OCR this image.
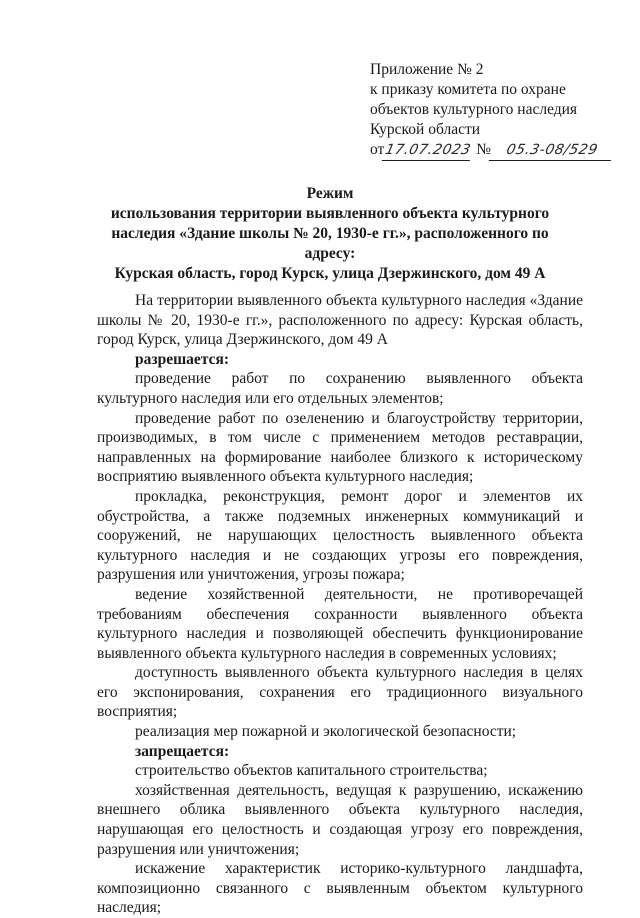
Приложение № 2
к приказу комитета по охране
объектов культурного наследия
Курской области
от17.07.2023 № 05.3-08/529
Режим
использования территории выявленного объекта культурного
наследия «Здание школы № 20, 1930-е гг.», расположенного по адресу:
Курская область, город Курск, улица Дзержинского, дом 49 А

На территории выявленного объекта культурного наследия «Здание школы № 20, 1930-е гг.», расположенного по адресу: Курская область, город Курск, улица Дзержинского, дом 49 А

разрешается:

проведение работ по сохранению выявленного объекта культурного наследия или его отдельных элементов;

проведение работ по озеленению и благоустройству территории, производимых, в том числе с применением методов реставрации, направленных на формирование наиболее близкого к историческому восприятию выявленного объекта культурного наследия;

прокладка, реконструкция, ремонт дорог и элементов их обустройства, а также подземных инженерных коммуникаций и сооружений, не нарушающих целостность выявленного объекта культурного наследия и не создающих угрозы его повреждения, разрушения или уничтожения, угрозы пожара;

ведение хозяйственной деятельности, не противоречащей требованиям обеспечения сохранности выявленного объекта культурного наследия и позволяющей обеспечить функционирование выявленного объекта культурного наследия в современных условиях;

доступность выявленного объекта культурного наследия в целях его экспонирования, сохранения его традиционного визуального восприятия;

реализация мер пожарной и экологической безопасности;

запрещается:

строительство объектов капитального строительства;

хозяйственная деятельность, ведущая к разрушению, искажению внешнего облика выявленного объекта культурного наследия, нарушающая его целостность и создающая угрозу его повреждения, разрушения или уничтожения;

искажение характеристик историко-культурного ландшафта, композиционно связанного с выявленным объектом культурного наследия;
